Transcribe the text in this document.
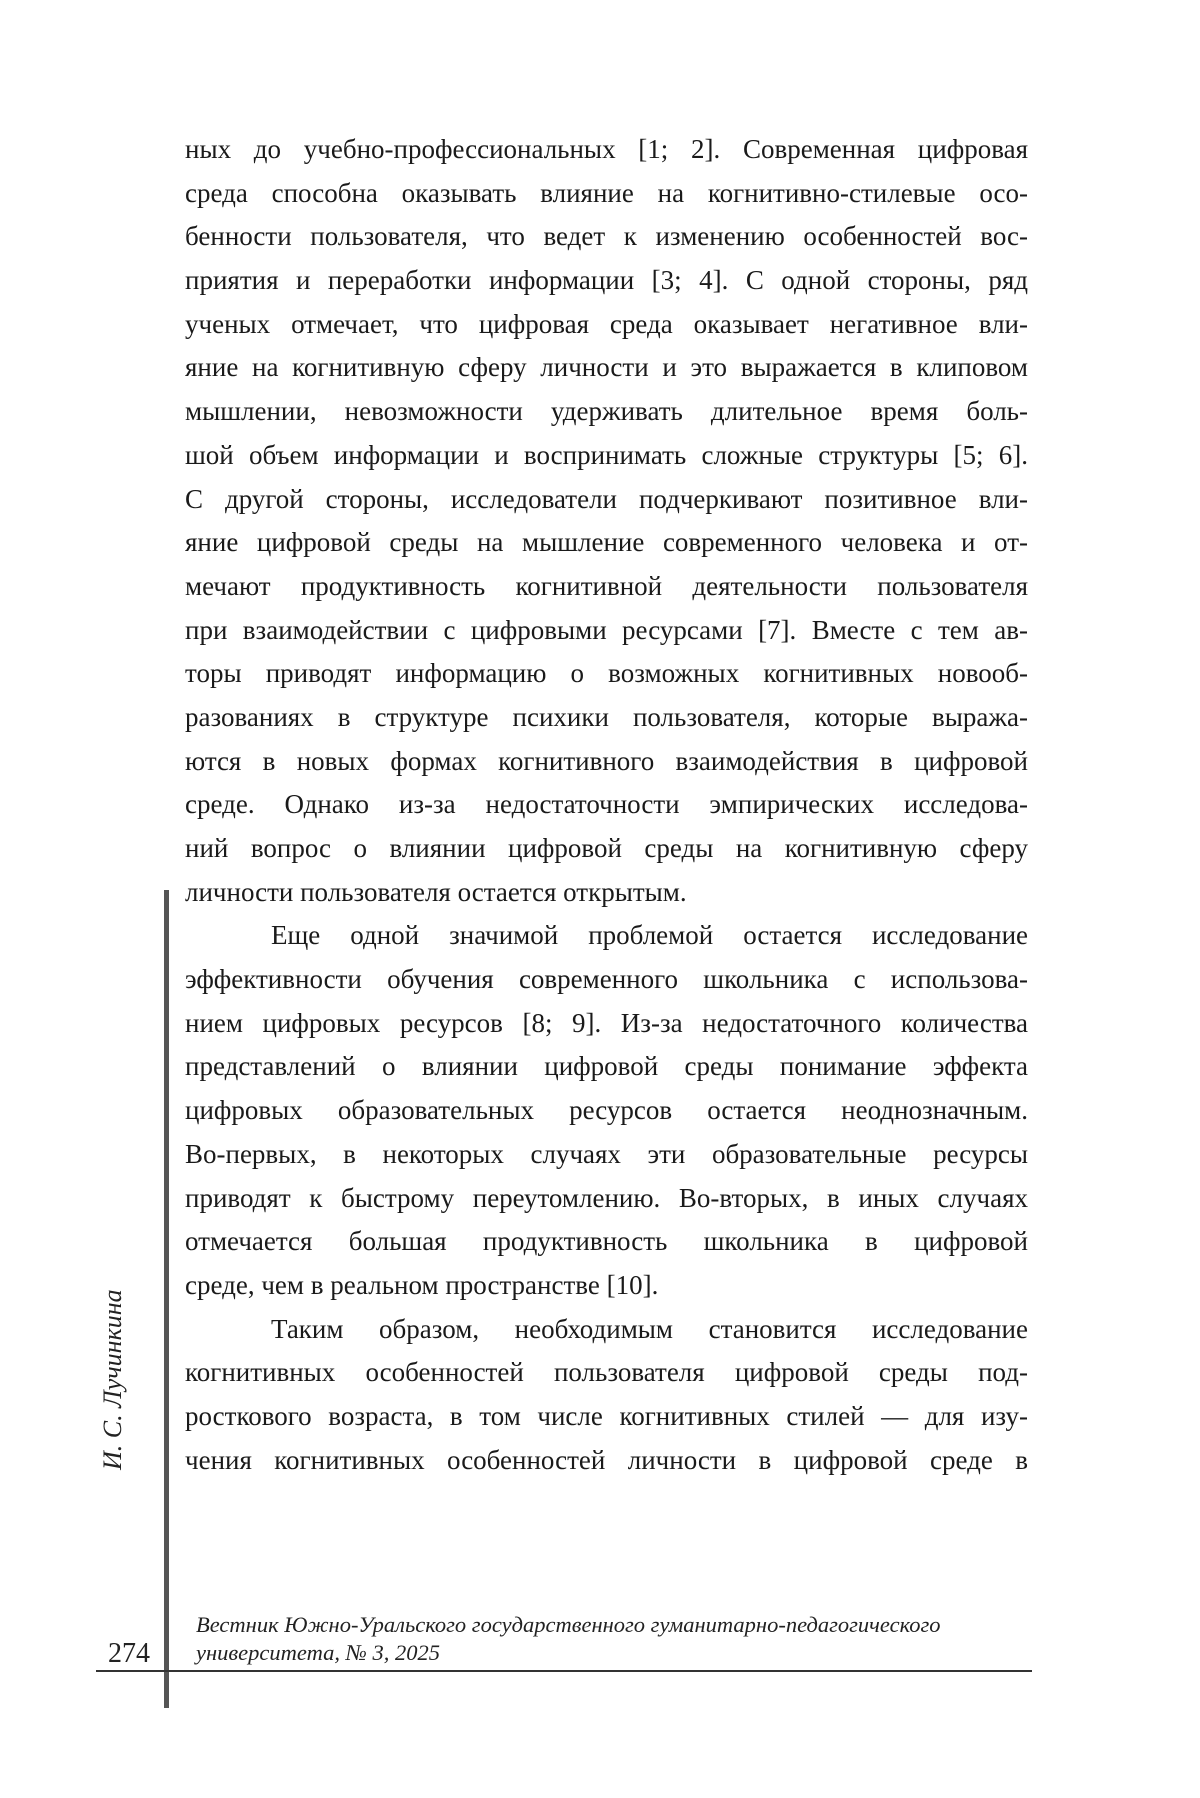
ных до учебно-профессиональных [1; 2]. Современная цифровая
среда способна оказывать влияние на когнитивно-стилевые осо-
бенности пользователя, что ведет к изменению особенностей вос-
приятия и переработки информации [3; 4]. С одной стороны, ряд
ученых отмечает, что цифровая среда оказывает негативное вли-
яние на когнитивную сферу личности и это выражается в клиповом
мышлении, невозможности удерживать длительное время боль-
шой объем информации и воспринимать сложные структуры [5; 6].
С другой стороны, исследователи подчеркивают позитивное вли-
яние цифровой среды на мышление современного человека и от-
мечают продуктивность когнитивной деятельности пользователя
при взаимодействии с цифровыми ресурсами [7]. Вместе с тем ав-
торы приводят информацию о возможных когнитивных новооб-
разованиях в структуре психики пользователя, которые выража-
ются в новых формах когнитивного взаимодействия в цифровой
среде. Однако из-за недостаточности эмпирических исследова-
ний вопрос о влиянии цифровой среды на когнитивную сферу
личности пользователя остается открытым.
Еще одной значимой проблемой остается исследование
эффективности обучения современного школьника с использова-
нием цифровых ресурсов [8; 9]. Из-за недостаточного количества
представлений о влиянии цифровой среды понимание эффекта
цифровых образовательных ресурсов остается неоднозначным.
Во-первых, в некоторых случаях эти образовательные ресурсы
приводят к быстрому переутомлению. Во-вторых, в иных случаях
отмечается большая продуктивность школьника в цифровой
среде, чем в реальном пространстве [10].
Таким образом, необходимым становится исследование
когнитивных особенностей пользователя цифровой среды под-
росткового возраста, в том числе когнитивных стилей — для изу-
чения когнитивных особенностей личности в цифровой среде в
И. С. Лучинкина
274
Вестник Южно-Уральского государственного гуманитарно-педагогического
университета, № 3, 2025
